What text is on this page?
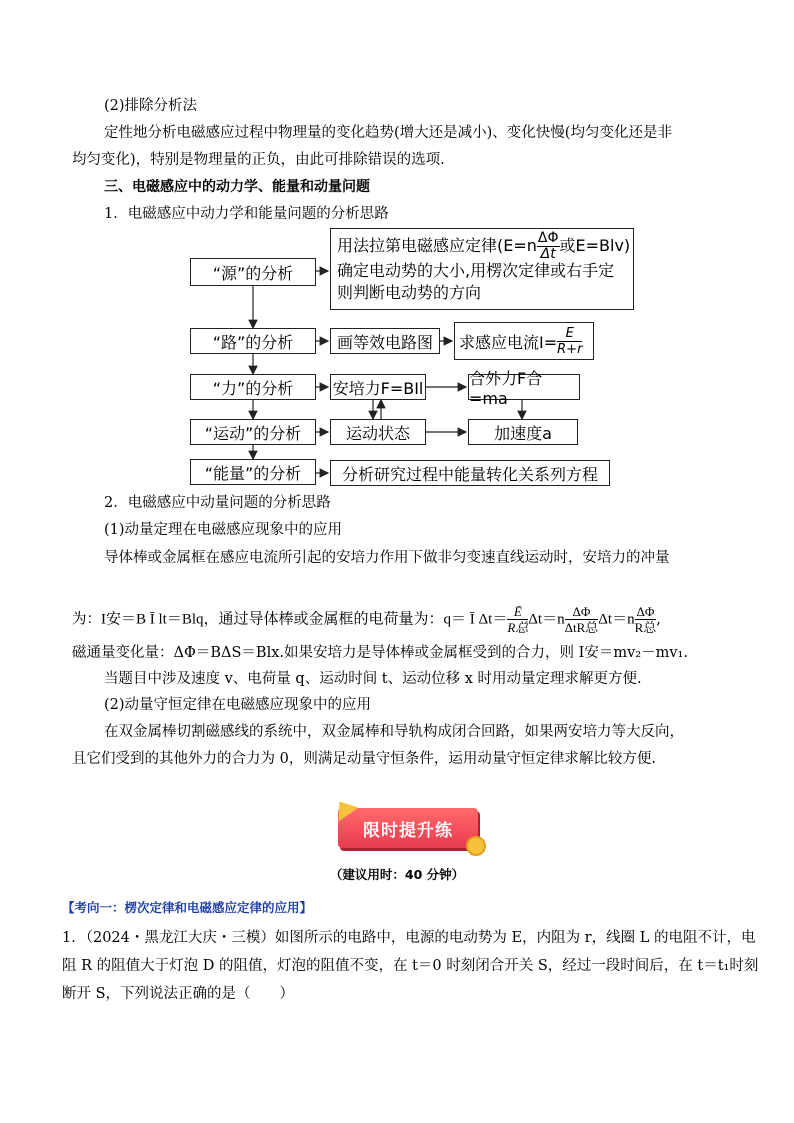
(2)排除分析法
定性地分析电磁感应过程中物理量的变化趋势(增大还是减小)、变化快慢(均匀变化还是非
均匀变化)，特别是物理量的正负，由此可排除错误的选项.
三、电磁感应中的动力学、能量和动量问题
1．电磁感应中动力学和能量问题的分析思路
“源”的分析
“路”的分析
“力”的分析
“运动”的分析
“能量”的分析
用法拉第电磁感应定律($E=n \frac{\Delta\Phi}{\Delta t}$ 或E=Blv)
确定电动势的大小,用楞次定律或右手定
则判断电动势的方向
画等效电路图	求感应电流$I= \frac{E}{R+r}$
安培力F=BIl	合外力F合=ma
运动状态	加速度a
分析研究过程中能量转化关系列方程
2．电磁感应中动量问题的分析思路
(1)动量定理在电磁感应现象中的应用
导体棒或金属框在感应电流所引起的安培力作用下做非匀变速直线运动时，安培力的冲量
为：I安＝B Ī lt＝Blq，通过导体棒或金属框的电荷量为：q＝ Ī $\Delta t= \frac{Ē}{\text{R总}} \Delta t=n \frac{\Delta\Phi}{\text{ΔtR总}} \Delta t=n \frac{\Delta\Phi}{\text{R总}}$ ,
磁通量变化量：ΔΦ＝BΔS＝Blx.如果安培力是导体棒或金属框受到的合力，则 I安＝mv₂－mv₁.
当题目中涉及速度 v、电荷量 q、运动时间 t、运动位移 x 时用动量定理求解更方便.
(2)动量守恒定律在电磁感应现象中的应用
在双金属棒切割磁感线的系统中，双金属棒和导轨构成闭合回路，如果两安培力等大反向，
且它们受到的其他外力的合力为 0，则满足动量守恒条件，运用动量守恒定律求解比较方便.
限时提升练
（建议用时：40 分钟）
【考向一：楞次定律和电磁感应定律的应用】
1．（2024・黑龙江大庆・三模）如图所示的电路中，电源的电动势为 E，内阻为 r，线圈 L 的电阻不计，电
阻 R 的阻值大于灯泡 D 的阻值，灯泡的阻值不变，在 t＝0 时刻闭合开关 S，经过一段时间后，在 t＝t₁时刻
断开 S，下列说法正确的是（　　）
